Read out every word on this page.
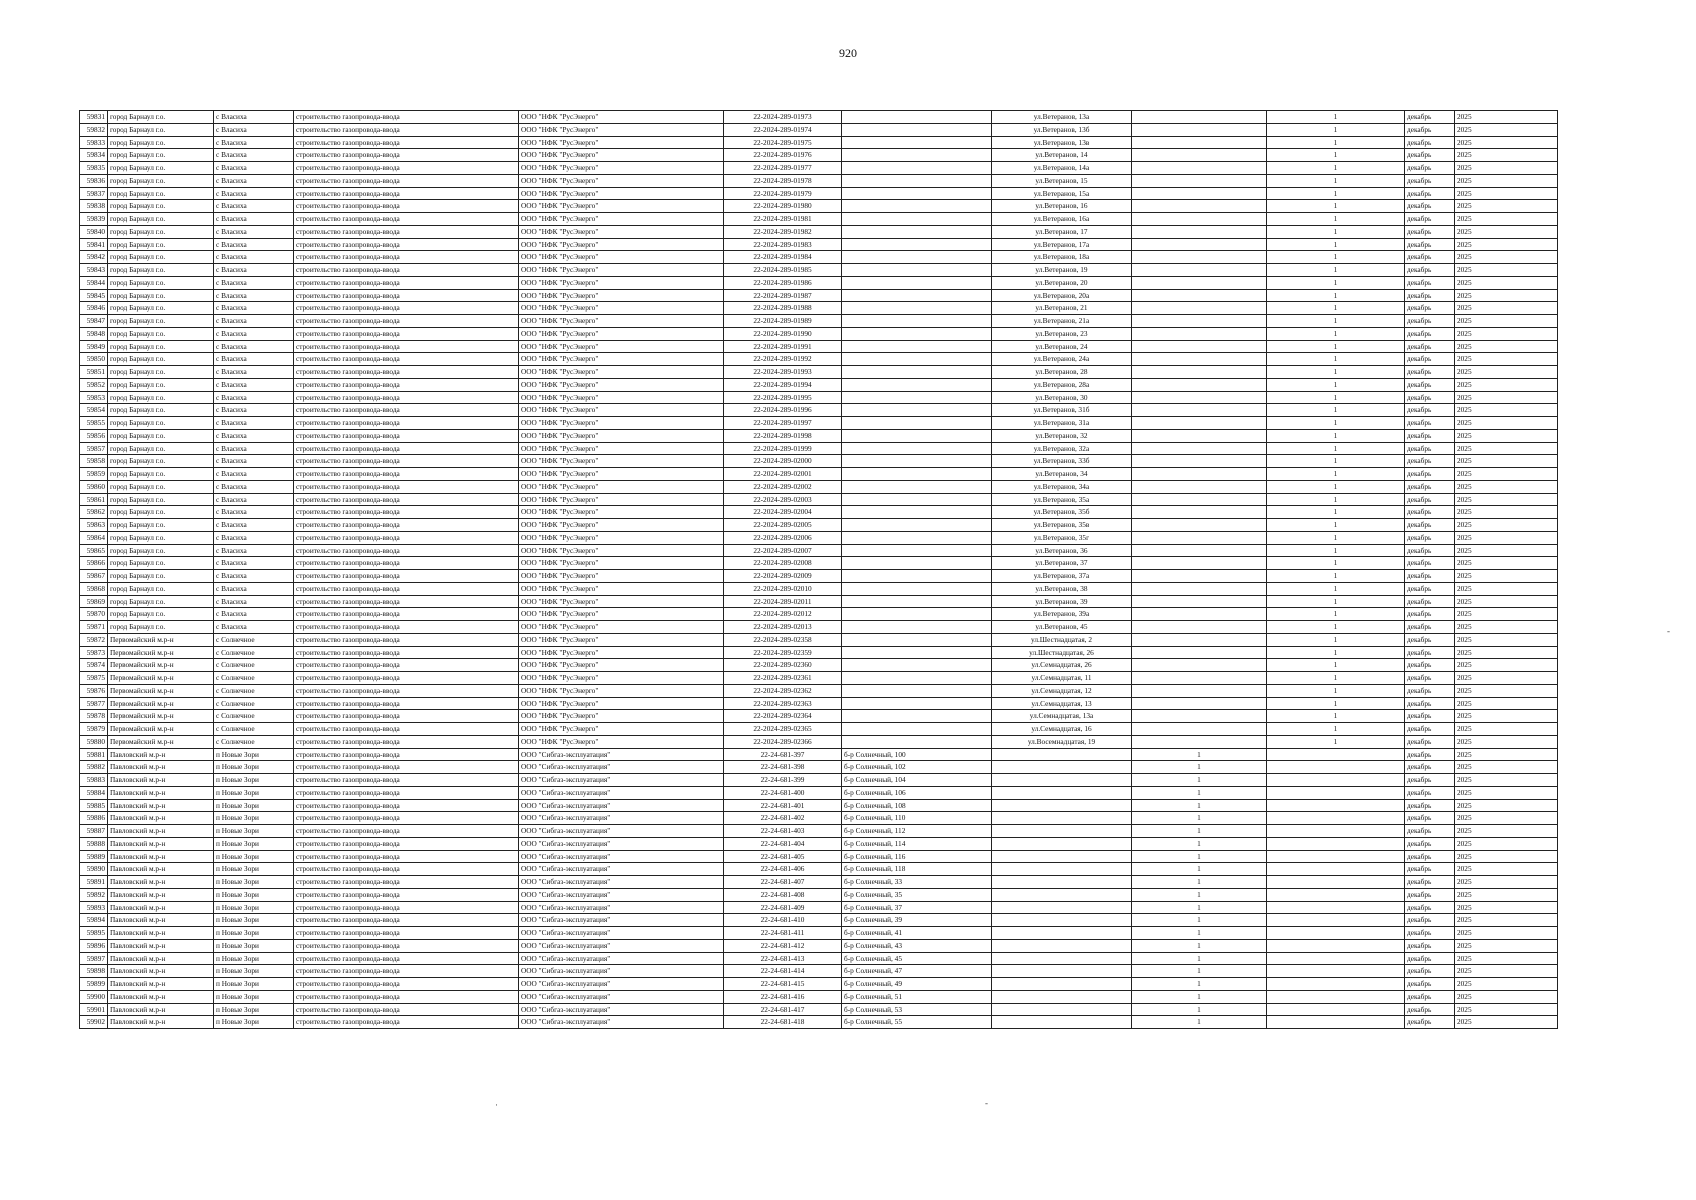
920
59831	город Барнаул г.о.	с Власиха	строительство газопровода-ввода	ООО "НФК "РусЭнерго"	22-2024-289-01973		ул.Ветеранов, 13а		1	декабрь	2025
59832	город Барнаул г.о.	с Власиха	строительство газопровода-ввода	ООО "НФК "РусЭнерго"	22-2024-289-01974		ул.Ветеранов, 13б		1	декабрь	2025
59833	город Барнаул г.о.	с Власиха	строительство газопровода-ввода	ООО "НФК "РусЭнерго"	22-2024-289-01975		ул.Ветеранов, 13в		1	декабрь	2025
59834	город Барнаул г.о.	с Власиха	строительство газопровода-ввода	ООО "НФК "РусЭнерго"	22-2024-289-01976		ул.Ветеранов, 14		1	декабрь	2025
59835	город Барнаул г.о.	с Власиха	строительство газопровода-ввода	ООО "НФК "РусЭнерго"	22-2024-289-01977		ул.Ветеранов, 14а		1	декабрь	2025
59836	город Барнаул г.о.	с Власиха	строительство газопровода-ввода	ООО "НФК "РусЭнерго"	22-2024-289-01978		ул.Ветеранов, 15		1	декабрь	2025
59837	город Барнаул г.о.	с Власиха	строительство газопровода-ввода	ООО "НФК "РусЭнерго"	22-2024-289-01979		ул.Ветеранов, 15а		1	декабрь	2025
59838	город Барнаул г.о.	с Власиха	строительство газопровода-ввода	ООО "НФК "РусЭнерго"	22-2024-289-01980		ул.Ветеранов, 16		1	декабрь	2025
59839	город Барнаул г.о.	с Власиха	строительство газопровода-ввода	ООО "НФК "РусЭнерго"	22-2024-289-01981		ул.Ветеранов, 16а		1	декабрь	2025
59840	город Барнаул г.о.	с Власиха	строительство газопровода-ввода	ООО "НФК "РусЭнерго"	22-2024-289-01982		ул.Ветеранов, 17		1	декабрь	2025
59841	город Барнаул г.о.	с Власиха	строительство газопровода-ввода	ООО "НФК "РусЭнерго"	22-2024-289-01983		ул.Ветеранов, 17а		1	декабрь	2025
59842	город Барнаул г.о.	с Власиха	строительство газопровода-ввода	ООО "НФК "РусЭнерго"	22-2024-289-01984		ул.Ветеранов, 18а		1	декабрь	2025
59843	город Барнаул г.о.	с Власиха	строительство газопровода-ввода	ООО "НФК "РусЭнерго"	22-2024-289-01985		ул.Ветеранов, 19		1	декабрь	2025
59844	город Барнаул г.о.	с Власиха	строительство газопровода-ввода	ООО "НФК "РусЭнерго"	22-2024-289-01986		ул.Ветеранов, 20		1	декабрь	2025
59845	город Барнаул г.о.	с Власиха	строительство газопровода-ввода	ООО "НФК "РусЭнерго"	22-2024-289-01987		ул.Ветеранов, 20а		1	декабрь	2025
59846	город Барнаул г.о.	с Власиха	строительство газопровода-ввода	ООО "НФК "РусЭнерго"	22-2024-289-01988		ул.Ветеранов, 21		1	декабрь	2025
59847	город Барнаул г.о.	с Власиха	строительство газопровода-ввода	ООО "НФК "РусЭнерго"	22-2024-289-01989		ул.Ветеранов, 21а		1	декабрь	2025
59848	город Барнаул г.о.	с Власиха	строительство газопровода-ввода	ООО "НФК "РусЭнерго"	22-2024-289-01990		ул.Ветеранов, 23		1	декабрь	2025
59849	город Барнаул г.о.	с Власиха	строительство газопровода-ввода	ООО "НФК "РусЭнерго"	22-2024-289-01991		ул.Ветеранов, 24		1	декабрь	2025
59850	город Барнаул г.о.	с Власиха	строительство газопровода-ввода	ООО "НФК "РусЭнерго"	22-2024-289-01992		ул.Ветеранов, 24а		1	декабрь	2025
59851	город Барнаул г.о.	с Власиха	строительство газопровода-ввода	ООО "НФК "РусЭнерго"	22-2024-289-01993		ул.Ветеранов, 28		1	декабрь	2025
59852	город Барнаул г.о.	с Власиха	строительство газопровода-ввода	ООО "НФК "РусЭнерго"	22-2024-289-01994		ул.Ветеранов, 28а		1	декабрь	2025
59853	город Барнаул г.о.	с Власиха	строительство газопровода-ввода	ООО "НФК "РусЭнерго"	22-2024-289-01995		ул.Ветеранов, 30		1	декабрь	2025
59854	город Барнаул г.о.	с Власиха	строительство газопровода-ввода	ООО "НФК "РусЭнерго"	22-2024-289-01996		ул.Ветеранов, 31б		1	декабрь	2025
59855	город Барнаул г.о.	с Власиха	строительство газопровода-ввода	ООО "НФК "РусЭнерго"	22-2024-289-01997		ул.Ветеранов, 31а		1	декабрь	2025
59856	город Барнаул г.о.	с Власиха	строительство газопровода-ввода	ООО "НФК "РусЭнерго"	22-2024-289-01998		ул.Ветеранов, 32		1	декабрь	2025
59857	город Барнаул г.о.	с Власиха	строительство газопровода-ввода	ООО "НФК "РусЭнерго"	22-2024-289-01999		ул.Ветеранов, 32а		1	декабрь	2025
59858	город Барнаул г.о.	с Власиха	строительство газопровода-ввода	ООО "НФК "РусЭнерго"	22-2024-289-02000		ул.Ветеранов, 33б		1	декабрь	2025
59859	город Барнаул г.о.	с Власиха	строительство газопровода-ввода	ООО "НФК "РусЭнерго"	22-2024-289-02001		ул.Ветеранов, 34		1	декабрь	2025
59860	город Барнаул г.о.	с Власиха	строительство газопровода-ввода	ООО "НФК "РусЭнерго"	22-2024-289-02002		ул.Ветеранов, 34а		1	декабрь	2025
59861	город Барнаул г.о.	с Власиха	строительство газопровода-ввода	ООО "НФК "РусЭнерго"	22-2024-289-02003		ул.Ветеранов, 35а		1	декабрь	2025
59862	город Барнаул г.о.	с Власиха	строительство газопровода-ввода	ООО "НФК "РусЭнерго"	22-2024-289-02004		ул.Ветеранов, 35б		1	декабрь	2025
59863	город Барнаул г.о.	с Власиха	строительство газопровода-ввода	ООО "НФК "РусЭнерго"	22-2024-289-02005		ул.Ветеранов, 35в		1	декабрь	2025
59864	город Барнаул г.о.	с Власиха	строительство газопровода-ввода	ООО "НФК "РусЭнерго"	22-2024-289-02006		ул.Ветеранов, 35г		1	декабрь	2025
59865	город Барнаул г.о.	с Власиха	строительство газопровода-ввода	ООО "НФК "РусЭнерго"	22-2024-289-02007		ул.Ветеранов, 36		1	декабрь	2025
59866	город Барнаул г.о.	с Власиха	строительство газопровода-ввода	ООО "НФК "РусЭнерго"	22-2024-289-02008		ул.Ветеранов, 37		1	декабрь	2025
59867	город Барнаул г.о.	с Власиха	строительство газопровода-ввода	ООО "НФК "РусЭнерго"	22-2024-289-02009		ул.Ветеранов, 37а		1	декабрь	2025
59868	город Барнаул г.о.	с Власиха	строительство газопровода-ввода	ООО "НФК "РусЭнерго"	22-2024-289-02010		ул.Ветеранов, 38		1	декабрь	2025
59869	город Барнаул г.о.	с Власиха	строительство газопровода-ввода	ООО "НФК "РусЭнерго"	22-2024-289-02011		ул.Ветеранов, 39		1	декабрь	2025
59870	город Барнаул г.о.	с Власиха	строительство газопровода-ввода	ООО "НФК "РусЭнерго"	22-2024-289-02012		ул.Ветеранов, 39а		1	декабрь	2025
59871	город Барнаул г.о.	с Власиха	строительство газопровода-ввода	ООО "НФК "РусЭнерго"	22-2024-289-02013		ул.Ветеранов, 45		1	декабрь	2025
59872	Первомайский м.р-н	с Солнечное	строительство газопровода-ввода	ООО "НФК "РусЭнерго"	22-2024-289-02358		ул.Шестнадцатая, 2		1	декабрь	2025
59873	Первомайский м.р-н	с Солнечное	строительство газопровода-ввода	ООО "НФК "РусЭнерго"	22-2024-289-02359		ул.Шестнадцатая, 26		1	декабрь	2025
59874	Первомайский м.р-н	с Солнечное	строительство газопровода-ввода	ООО "НФК "РусЭнерго"	22-2024-289-02360		ул.Семнадцатая, 26		1	декабрь	2025
59875	Первомайский м.р-н	с Солнечное	строительство газопровода-ввода	ООО "НФК "РусЭнерго"	22-2024-289-02361		ул.Семнадцатая, 11		1	декабрь	2025
59876	Первомайский м.р-н	с Солнечное	строительство газопровода-ввода	ООО "НФК "РусЭнерго"	22-2024-289-02362		ул.Семнадцатая, 12		1	декабрь	2025
59877	Первомайский м.р-н	с Солнечное	строительство газопровода-ввода	ООО "НФК "РусЭнерго"	22-2024-289-02363		ул.Семнадцатая, 13		1	декабрь	2025
59878	Первомайский м.р-н	с Солнечное	строительство газопровода-ввода	ООО "НФК "РусЭнерго"	22-2024-289-02364		ул.Семнадцатая, 13а		1	декабрь	2025
59879	Первомайский м.р-н	с Солнечное	строительство газопровода-ввода	ООО "НФК "РусЭнерго"	22-2024-289-02365		ул.Семнадцатая, 16		1	декабрь	2025
59880	Первомайский м.р-н	с Солнечное	строительство газопровода-ввода	ООО "НФК "РусЭнерго"	22-2024-289-02366		ул.Восемнадцатая, 19		1	декабрь	2025
59881	Павловский м.р-н	п Новые Зори	строительство газопровода-ввода	ООО "Сибгаз-эксплуатация"	22-24-681-397	б-р Солнечный, 100		1		декабрь	2025
59882	Павловский м.р-н	п Новые Зори	строительство газопровода-ввода	ООО "Сибгаз-эксплуатация"	22-24-681-398	б-р Солнечный, 102		1		декабрь	2025
59883	Павловский м.р-н	п Новые Зори	строительство газопровода-ввода	ООО "Сибгаз-эксплуатация"	22-24-681-399	б-р Солнечный, 104		1		декабрь	2025
59884	Павловский м.р-н	п Новые Зори	строительство газопровода-ввода	ООО "Сибгаз-эксплуатация"	22-24-681-400	б-р Солнечный, 106		1		декабрь	2025
59885	Павловский м.р-н	п Новые Зори	строительство газопровода-ввода	ООО "Сибгаз-эксплуатация"	22-24-681-401	б-р Солнечный, 108		1		декабрь	2025
59886	Павловский м.р-н	п Новые Зори	строительство газопровода-ввода	ООО "Сибгаз-эксплуатация"	22-24-681-402	б-р Солнечный, 110		1		декабрь	2025
59887	Павловский м.р-н	п Новые Зори	строительство газопровода-ввода	ООО "Сибгаз-эксплуатация"	22-24-681-403	б-р Солнечный, 112		1		декабрь	2025
59888	Павловский м.р-н	п Новые Зори	строительство газопровода-ввода	ООО "Сибгаз-эксплуатация"	22-24-681-404	б-р Солнечный, 114		1		декабрь	2025
59889	Павловский м.р-н	п Новые Зори	строительство газопровода-ввода	ООО "Сибгаз-эксплуатация"	22-24-681-405	б-р Солнечный, 116		1		декабрь	2025
59890	Павловский м.р-н	п Новые Зори	строительство газопровода-ввода	ООО "Сибгаз-эксплуатация"	22-24-681-406	б-р Солнечный, 118		1		декабрь	2025
59891	Павловский м.р-н	п Новые Зори	строительство газопровода-ввода	ООО "Сибгаз-эксплуатация"	22-24-681-407	б-р Солнечный, 33		1		декабрь	2025
59892	Павловский м.р-н	п Новые Зори	строительство газопровода-ввода	ООО "Сибгаз-эксплуатация"	22-24-681-408	б-р Солнечный, 35		1		декабрь	2025
59893	Павловский м.р-н	п Новые Зори	строительство газопровода-ввода	ООО "Сибгаз-эксплуатация"	22-24-681-409	б-р Солнечный, 37		1		декабрь	2025
59894	Павловский м.р-н	п Новые Зори	строительство газопровода-ввода	ООО "Сибгаз-эксплуатация"	22-24-681-410	б-р Солнечный, 39		1		декабрь	2025
59895	Павловский м.р-н	п Новые Зори	строительство газопровода-ввода	ООО "Сибгаз-эксплуатация"	22-24-681-411	б-р Солнечный, 41		1		декабрь	2025
59896	Павловский м.р-н	п Новые Зори	строительство газопровода-ввода	ООО "Сибгаз-эксплуатация"	22-24-681-412	б-р Солнечный, 43		1		декабрь	2025
59897	Павловский м.р-н	п Новые Зори	строительство газопровода-ввода	ООО "Сибгаз-эксплуатация"	22-24-681-413	б-р Солнечный, 45		1		декабрь	2025
59898	Павловский м.р-н	п Новые Зори	строительство газопровода-ввода	ООО "Сибгаз-эксплуатация"	22-24-681-414	б-р Солнечный, 47		1		декабрь	2025
59899	Павловский м.р-н	п Новые Зори	строительство газопровода-ввода	ООО "Сибгаз-эксплуатация"	22-24-681-415	б-р Солнечный, 49		1		декабрь	2025
59900	Павловский м.р-н	п Новые Зори	строительство газопровода-ввода	ООО "Сибгаз-эксплуатация"	22-24-681-416	б-р Солнечный, 51		1		декабрь	2025
59901	Павловский м.р-н	п Новые Зори	строительство газопровода-ввода	ООО "Сибгаз-эксплуатация"	22-24-681-417	б-р Солнечный, 53		1		декабрь	2025
59902	Павловский м.р-н	п Новые Зори	строительство газопровода-ввода	ООО "Сибгаз-эксплуатация"	22-24-681-418	б-р Солнечный, 55		1		декабрь	2025
·	-
-
